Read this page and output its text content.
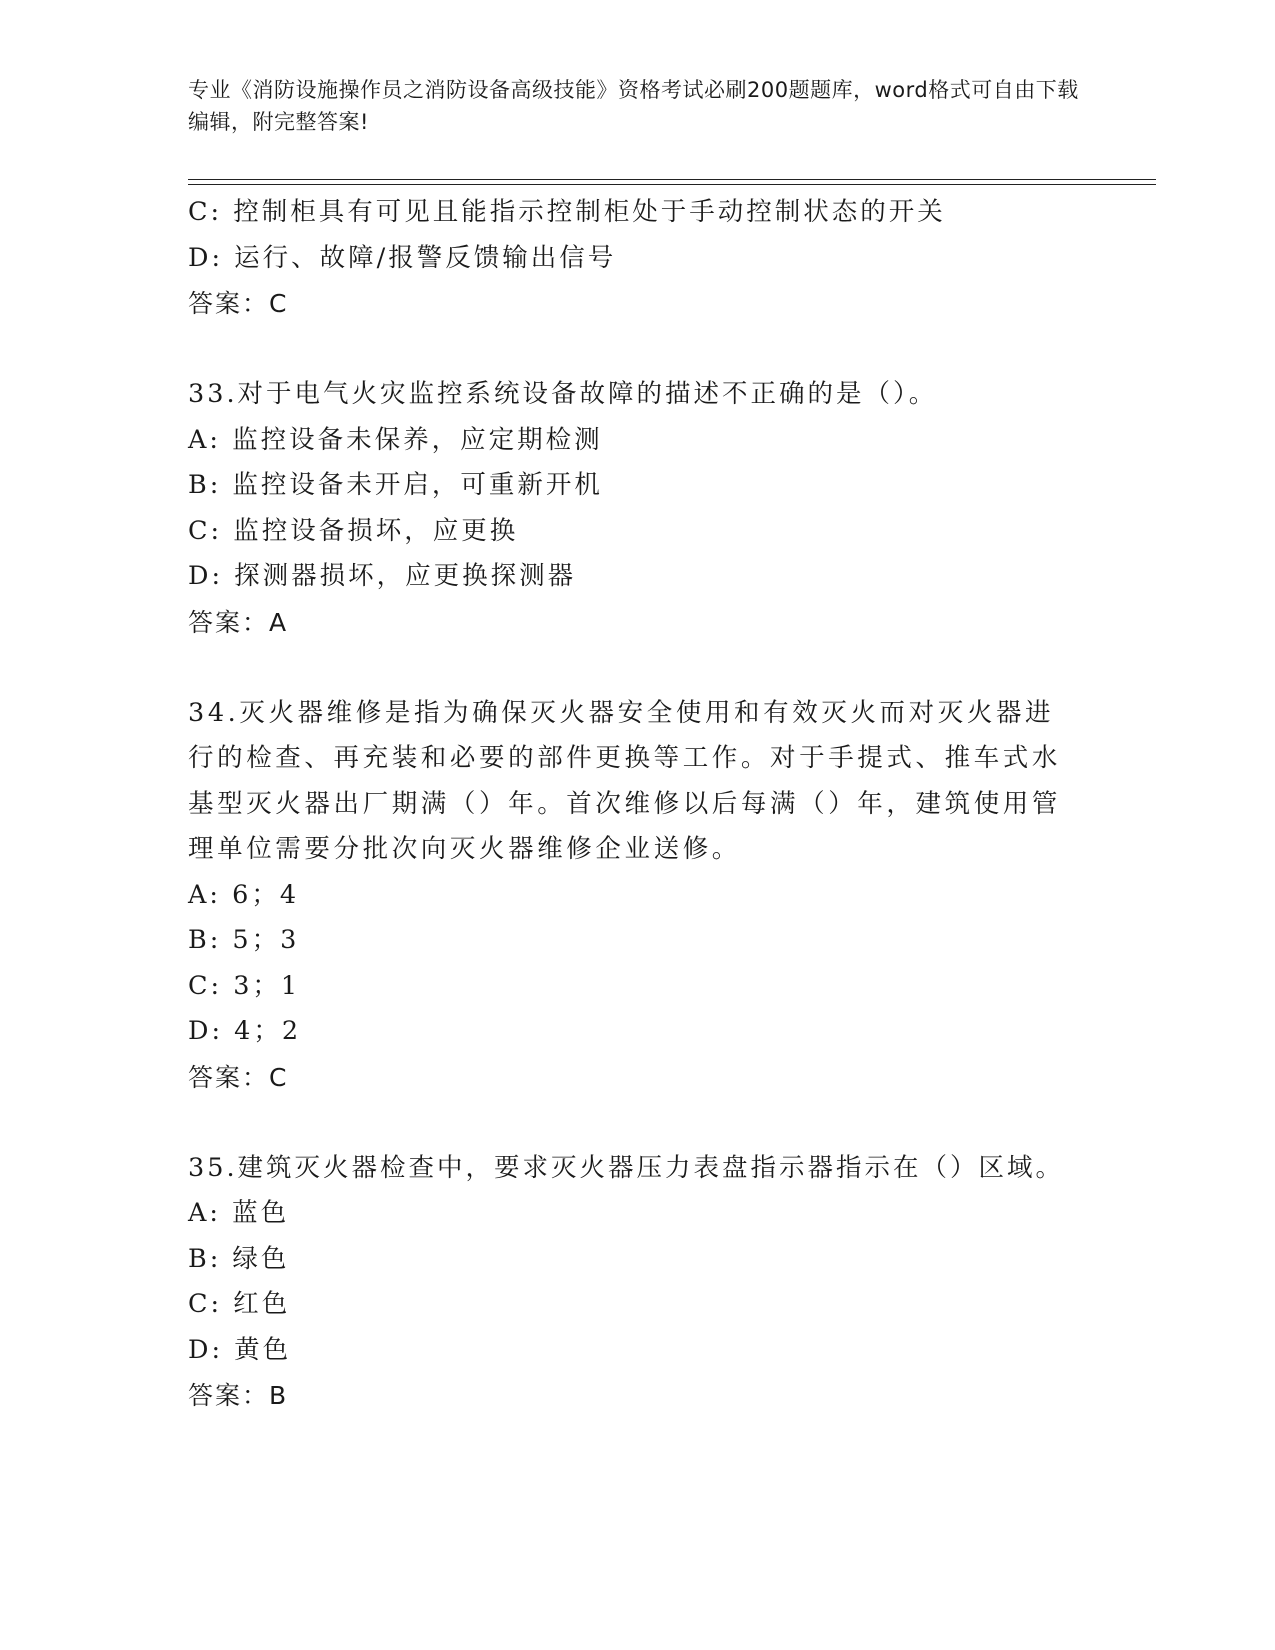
专业《消防设施操作员之消防设备高级技能》资格考试必刷200题题库，word格式可自由下载编辑，附完整答案!
C: 控制柜具有可见且能指示控制柜处于手动控制状态的开关
D: 运行、故障/报警反馈输出信号
答案：C
33.对于电气火灾监控系统设备故障的描述不正确的是（）。
A: 监控设备未保养，应定期检测
B: 监控设备未开启，可重新开机
C: 监控设备损坏，应更换
D: 探测器损坏，应更换探测器
答案：A
34.灭火器维修是指为确保灭火器安全使用和有效灭火而对灭火器进行的检查、再充装和必要的部件更换等工作。对于手提式、推车式水基型灭火器出厂期满（）年。首次维修以后每满（）年，建筑使用管理单位需要分批次向灭火器维修企业送修。
A: 6；4
B: 5；3
C: 3；1
D: 4；2
答案：C
35.建筑灭火器检查中，要求灭火器压力表盘指示器指示在（）区域。
A: 蓝色
B: 绿色
C: 红色
D: 黄色
答案：B
